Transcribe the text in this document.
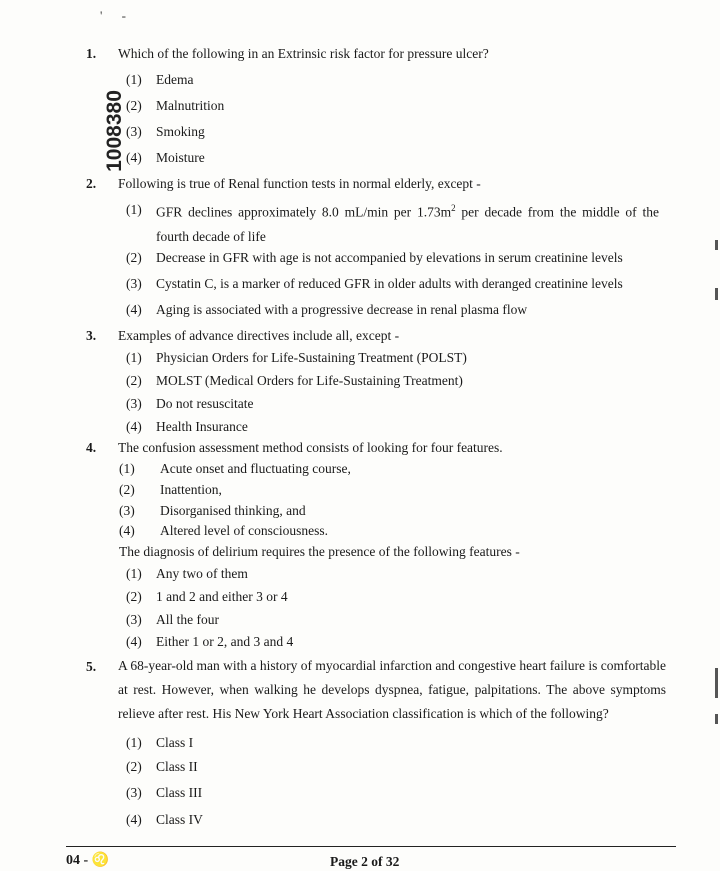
' -
1008380
1. Which of the following in an Extrinsic risk factor for pressure ulcer?
(1) Edema
(2) Malnutrition
(3) Smoking
(4) Moisture
2. Following is true of Renal function tests in normal elderly, except -
(1) GFR declines approximately 8.0 mL/min per $1.73m^2$ per decade from the middle of the fourth decade of life
(2) Decrease in GFR with age is not accompanied by elevations in serum creatinine levels
(3) Cystatin C, is a marker of reduced GFR in older adults with deranged creatinine levels
(4) Aging is associated with a progressive decrease in renal plasma flow
3. Examples of advance directives include all, except -
(1) Physician Orders for Life-Sustaining Treatment (POLST)
(2) MOLST (Medical Orders for Life-Sustaining Treatment)
(3) Do not resuscitate
(4) Health Insurance
4. The confusion assessment method consists of looking for four features.
(1) Acute onset and fluctuating course,
(2) Inattention,
(3) Disorganised thinking, and
(4) Altered level of consciousness.
The diagnosis of delirium requires the presence of the following features -
(1) Any two of them
(2) 1 and 2 and either 3 or 4
(3) All the four
(4) Either 1 or 2, and 3 and 4
5. A 68-year-old man with a history of myocardial infarction and congestive heart failure is comfortable at rest. However, when walking he develops dyspnea, fatigue, palpitations. The above symptoms relieve after rest. His New York Heart Association classification is which of the following?
(1) Class I
(2) Class II
(3) Class III
(4) Class IV
04 - ♌	Page 2 of 32
